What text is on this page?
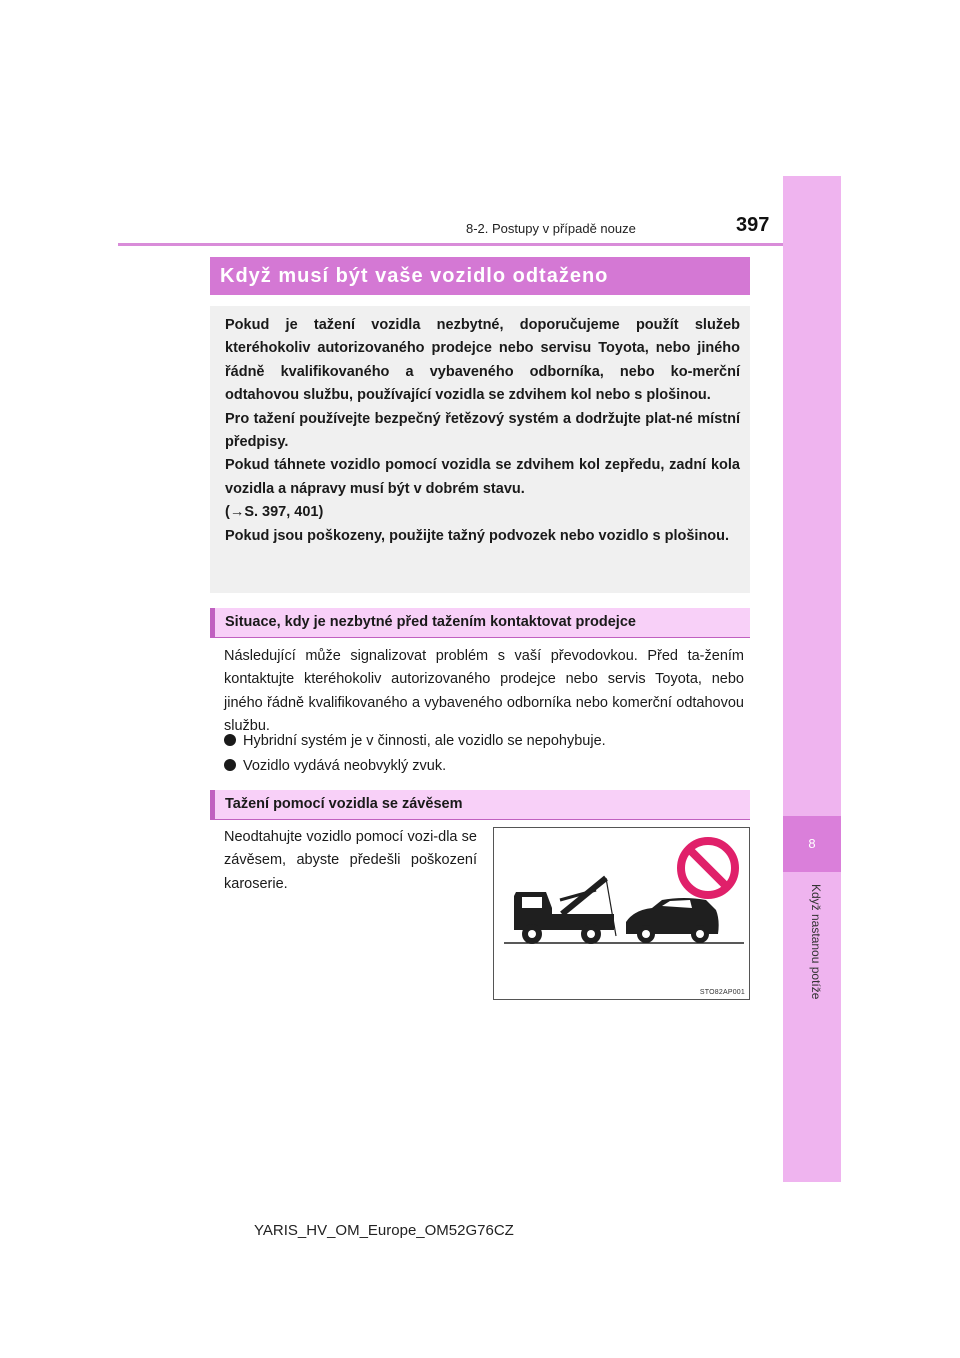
8
Když nastanou potíže
8-2. Postupy v případě nouze	397
Když musí být vaše vozidlo odtaženo

Pokud je tažení vozidla nezbytné, doporučujeme použít služeb kteréhokoliv autorizovaného prodejce nebo servisu Toyota, nebo jiného řádně kvalifikovaného a vybaveného odborníka, nebo ko-merční odtahovou službu, používající vozidla se zdvihem kol nebo s plošinou.

Pro tažení používejte bezpečný řetězový systém a dodržujte plat-né místní předpisy.

Pokud táhnete vozidlo pomocí vozidla se zdvihem kol zepředu, zadní kola vozidla a nápravy musí být v dobrém stavu.

(→S. 397, 401)

Pokud jsou poškozeny, použijte tažný podvozek nebo vozidlo s plošinou.

Situace, kdy je nezbytné před tažením kontaktovat prodejce

Následující může signalizovat problém s vaší převodovkou. Před ta-žením kontaktujte kteréhokoliv autorizovaného prodejce nebo servis Toyota, nebo jiného řádně kvalifikovaného a vybaveného odborníka nebo komerční odtahovou službu.

Hybridní systém je v činnosti, ale vozidlo se nepohybuje.
Vozidlo vydává neobvyklý zvuk.
Tažení pomocí vozidla se závěsem

Neodtahujte vozidlo pomocí vozi-dla se závěsem, abyste předešli poškození karoserie.

STO82AP001
YARIS_HV_OM_Europe_OM52G76CZ
